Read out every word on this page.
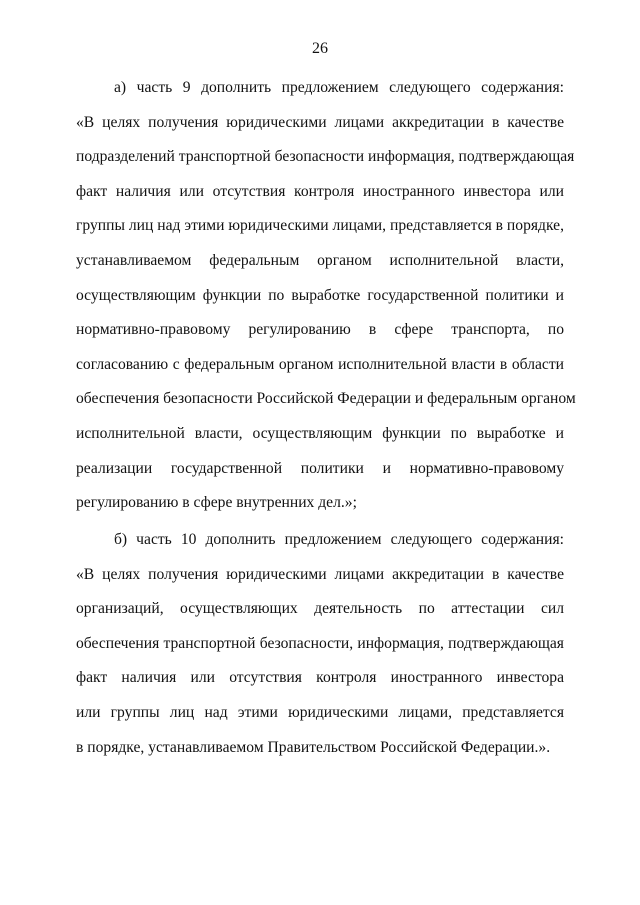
26
а) часть 9 дополнить предложением следующего содержания:
«В целях получения юридическими лицами аккредитации в качестве
подразделений транспортной безопасности информация, подтверждающая
факт наличия или отсутствия контроля иностранного инвестора или
группы лиц над этими юридическими лицами, представляется в порядке,
устанавливаемом федеральным органом исполнительной власти,
осуществляющим функции по выработке государственной политики и
нормативно-правовому регулированию в сфере транспорта, по
согласованию с федеральным органом исполнительной власти в области
обеспечения безопасности Российской Федерации и федеральным органом
исполнительной власти, осуществляющим функции по выработке и
реализации государственной политики и нормативно-правовому
регулированию в сфере внутренних дел.»;
б) часть 10 дополнить предложением следующего содержания:
«В целях получения юридическими лицами аккредитации в качестве
организаций, осуществляющих деятельность по аттестации сил
обеспечения транспортной безопасности, информация, подтверждающая
факт наличия или отсутствия контроля иностранного инвестора
или группы лиц над этими юридическими лицами, представляется
в порядке, устанавливаемом Правительством Российской Федерации.».
